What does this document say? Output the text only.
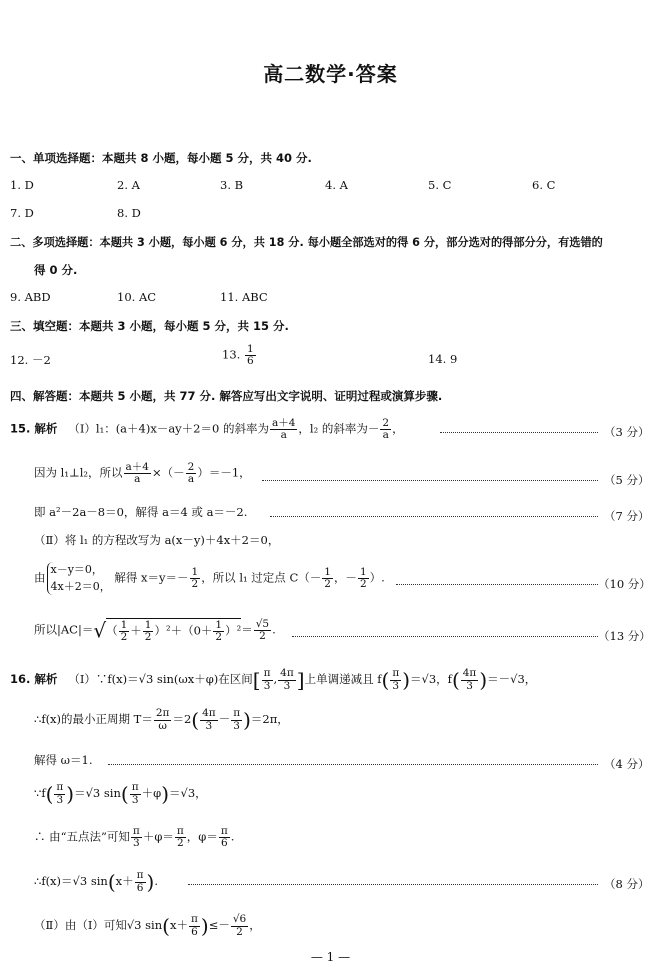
高二数学·答案
一、单项选择题：本题共 8 小题，每小题 5 分，共 40 分.
1. D	2. A	3. B	4. A	5. C	6. C
7. D	8. D
二、多项选择题：本题共 3 小题，每小题 6 分，共 18 分. 每小题全部选对的得 6 分，部分选对的得部分分，有选错的
得 0 分.
9. ABD	10. AC	11. ABC
三、填空题：本题共 3 小题，每小题 5 分，共 15 分.
12. －2	13. $\frac{1}{6}$	14. 9
四、解答题：本题共 5 小题，共 77 分. 解答应写出文字说明、证明过程或演算步骤.
15. 解析 （Ⅰ）l₁：(a＋4)x－ay＋2＝0 的斜率为 $\frac{a+4}{a}$ ，l₂ 的斜率为－ $\frac{2}{a}$ ，	（3 分）
因为 l₁⊥l₂，所以 $\frac{a+4}{a}$ ×（－ $\frac{2}{a} )=-1$，
（5 分）
即 a²－2a－8＝0，解得 a＝4 或 a＝－2.	（7 分）
（Ⅱ）将 l₁ 的方程改写为 a(x－y)＋4x＋2＝0，
由
x－y＝0，
4x＋2＝0，
解得 $x=y=- \frac{1}{2}$ ，所以 l₁ 过定点 $C(- \frac{1}{2}$ ，－ $\frac{1}{2}$ ）.	（10 分）
所以$|AC|=√( \frac{1}{2} + \frac{1}{2} )^2+(0+ \frac{1}{2} )^2= \frac{√5}{2}$ .	（13 分）
16. 解析 （Ⅰ）∵f(x)＝√3 sin(ωx＋φ)在区间[ $\frac{\pi}{3}$ , $\frac{4\pi}{3}$ ]上单调递减且 $f( \frac{\pi}{3} )=√3$，$f( \frac{4\pi}{3} )=-√3$，
∴f(x)的最小正周期 $T= \frac{2\pi}{\omega} =2( \frac{4\pi}{3} - \frac{\pi}{3} )=2\pi$，
解得 ω＝1.	（4 分）
∵f( $\frac{\pi}{3} )=√3$ $\sin( \frac{\pi}{3} +\varphi)=√3$，
∴ 由“五点法”可知 $\frac{\pi}{3} +\varphi= \frac{\pi}{2}$ ，$\varphi= \frac{\pi}{6}$ .
∴f(x)＝√3 $\sin(x+ \frac{\pi}{6}$ ).	（8 分）
（Ⅱ）由（Ⅰ）可知√3 $\sin(x+ \frac{\pi}{6}$ )≤－ $\frac{√6}{2}$ ，
— 1 —
